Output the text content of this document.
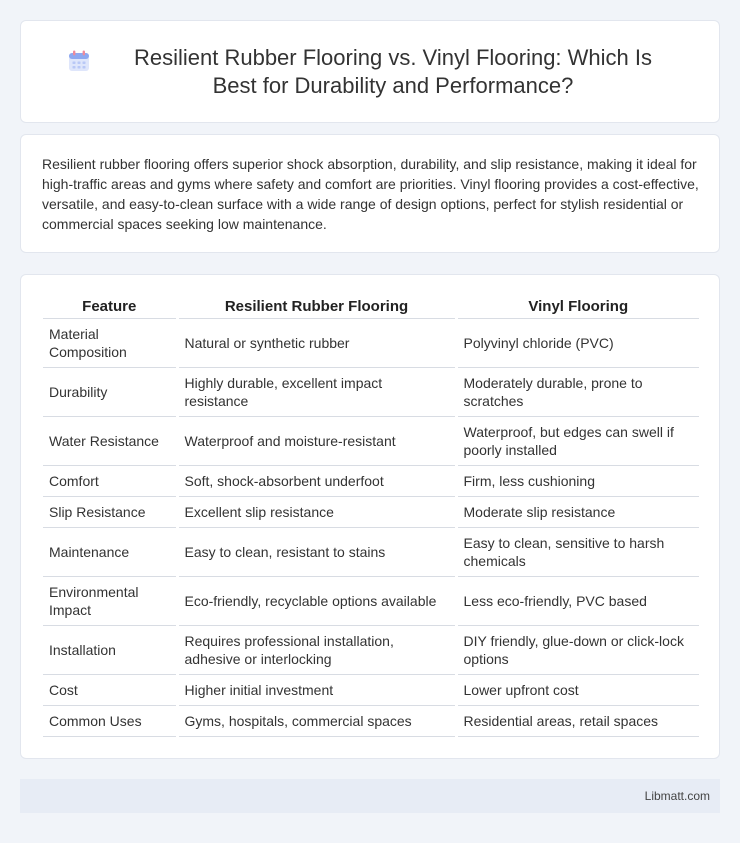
Resilient Rubber Flooring vs. Vinyl Flooring: Which Is Best for Durability and Performance?

Resilient rubber flooring offers superior shock absorption, durability, and slip resistance, making it ideal for high-traffic areas and gyms where safety and comfort are priorities. Vinyl flooring provides a cost-effective, versatile, and easy-to-clean surface with a wide range of design options, perfect for stylish residential or commercial spaces seeking low maintenance.

Feature	Resilient Rubber Flooring	Vinyl Flooring
Material Composition	Natural or synthetic rubber	Polyvinyl chloride (PVC)
Durability	Highly durable, excellent impact resistance	Moderately durable, prone to scratches
Water Resistance	Waterproof and moisture-resistant	Waterproof, but edges can swell if poorly installed
Comfort	Soft, shock-absorbent underfoot	Firm, less cushioning
Slip Resistance	Excellent slip resistance	Moderate slip resistance
Maintenance	Easy to clean, resistant to stains	Easy to clean, sensitive to harsh chemicals
Environmental Impact	Eco-friendly, recyclable options available	Less eco-friendly, PVC based
Installation	Requires professional installation, adhesive or interlocking	DIY friendly, glue-down or click-lock options
Cost	Higher initial investment	Lower upfront cost
Common Uses	Gyms, hospitals, commercial spaces	Residential areas, retail spaces
Libmatt.com
